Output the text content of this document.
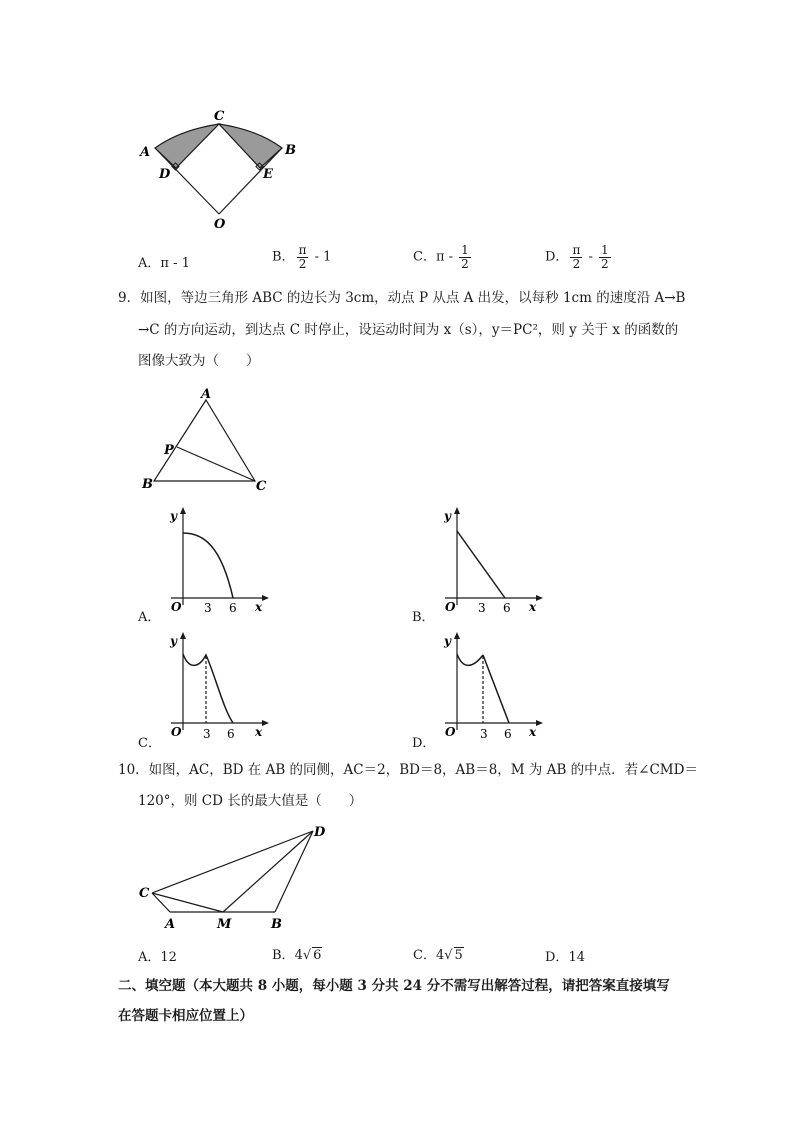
C
A	B
D	E
O
A．π - 1	B． $\frac{\pi}{2} - 1$	C．π - $\frac{1}{2}$	D． $\frac{\pi}{2} - \frac{1}{2}$
9．如图，等边三角形 ABC 的边长为 3cm，动点 P 从点 A 出发，以每秒 1cm 的速度沿 A→B
→C 的方向运动，到达点 C 时停止，设运动时间为 x（s），y＝PC²，则 y 关于 x 的函数的
图像大致为（　　）
A
P
B	C
A．
y
O 3 6 x
B．
y
O 3 6 x
C．
y
O 3 6 x
D．
y
O 3 6 x
10．如图，AC，BD 在 AB 的同侧，AC＝2，BD＝8，AB＝8，M 为 AB 的中点．若∠CMD＝
120°，则 CD 长的最大值是（　　）
D
C
A	M	B
A．12	B．4√ 6	C．4√ 5	D．14
二、填空题（本大题共 8 小题，每小题 3 分共 24 分不需写出解答过程，请把答案直接填写
在答题卡相应位置上）
